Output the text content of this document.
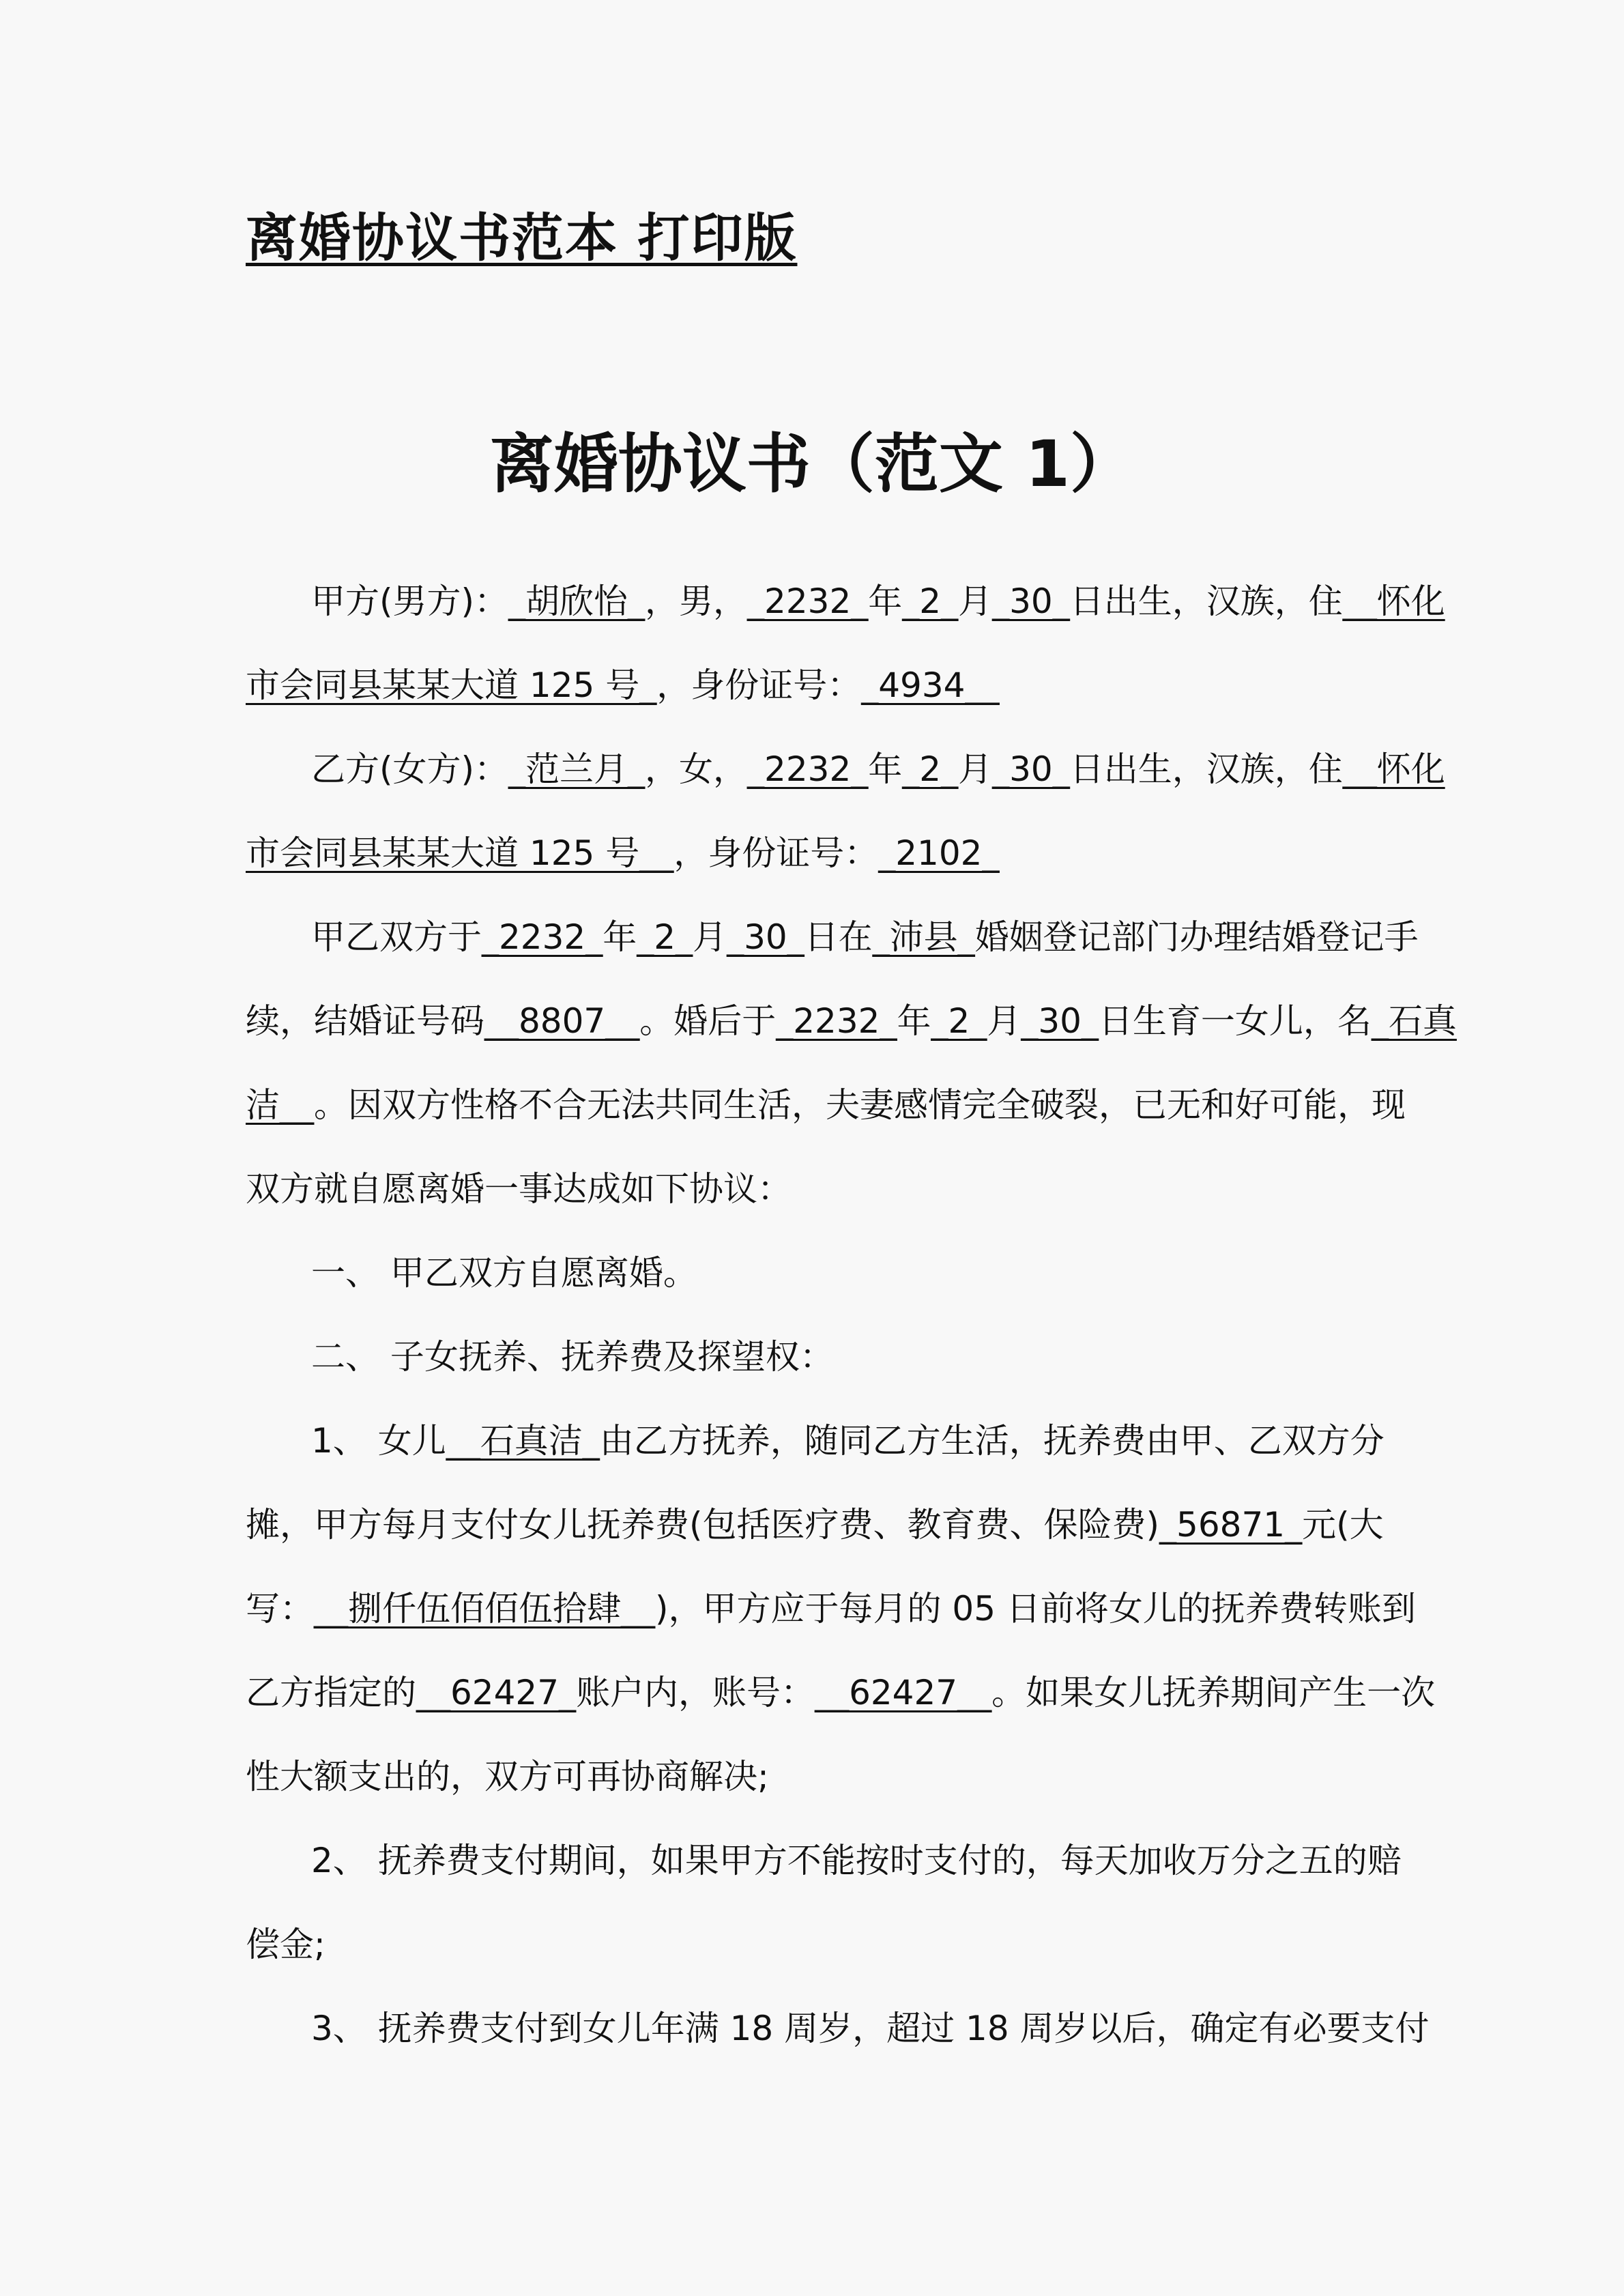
离婚协议书范本 打印版
离婚协议书（范文 1）
甲方(男方)：_胡欣怡_，男，_2232_年_2_月_30_日出生，汉族，住__怀化
市会同县某某大道 125 号_，身份证号：_4934__
乙方(女方)：_范兰月_，女，_2232_年_2_月_30_日出生，汉族，住__怀化
市会同县某某大道 125 号__，身份证号：_2102_
甲乙双方于_2232_年_2_月_30_日在_沛县_婚姻登记部门办理结婚登记手
续，结婚证号码__8807__。婚后于_2232_年_2_月_30_日生育一女儿，名_石真
洁__。因双方性格不合无法共同生活，夫妻感情完全破裂，已无和好可能，现
双方就自愿离婚一事达成如下协议：
一、 甲乙双方自愿离婚。
二、 子女抚养、抚养费及探望权：
1、 女儿__石真洁_由乙方抚养，随同乙方生活，抚养费由甲、乙双方分
摊，甲方每月支付女儿抚养费(包括医疗费、教育费、保险费)_56871_元(大
写：__捌仟伍佰佰伍拾肆__)，甲方应于每月的 05 日前将女儿的抚养费转账到
乙方指定的__62427_账户内，账号：__62427__。如果女儿抚养期间产生一次
性大额支出的，双方可再协商解决;
2、 抚养费支付期间，如果甲方不能按时支付的，每天加收万分之五的赔
偿金;
3、 抚养费支付到女儿年满 18 周岁，超过 18 周岁以后，确定有必要支付
